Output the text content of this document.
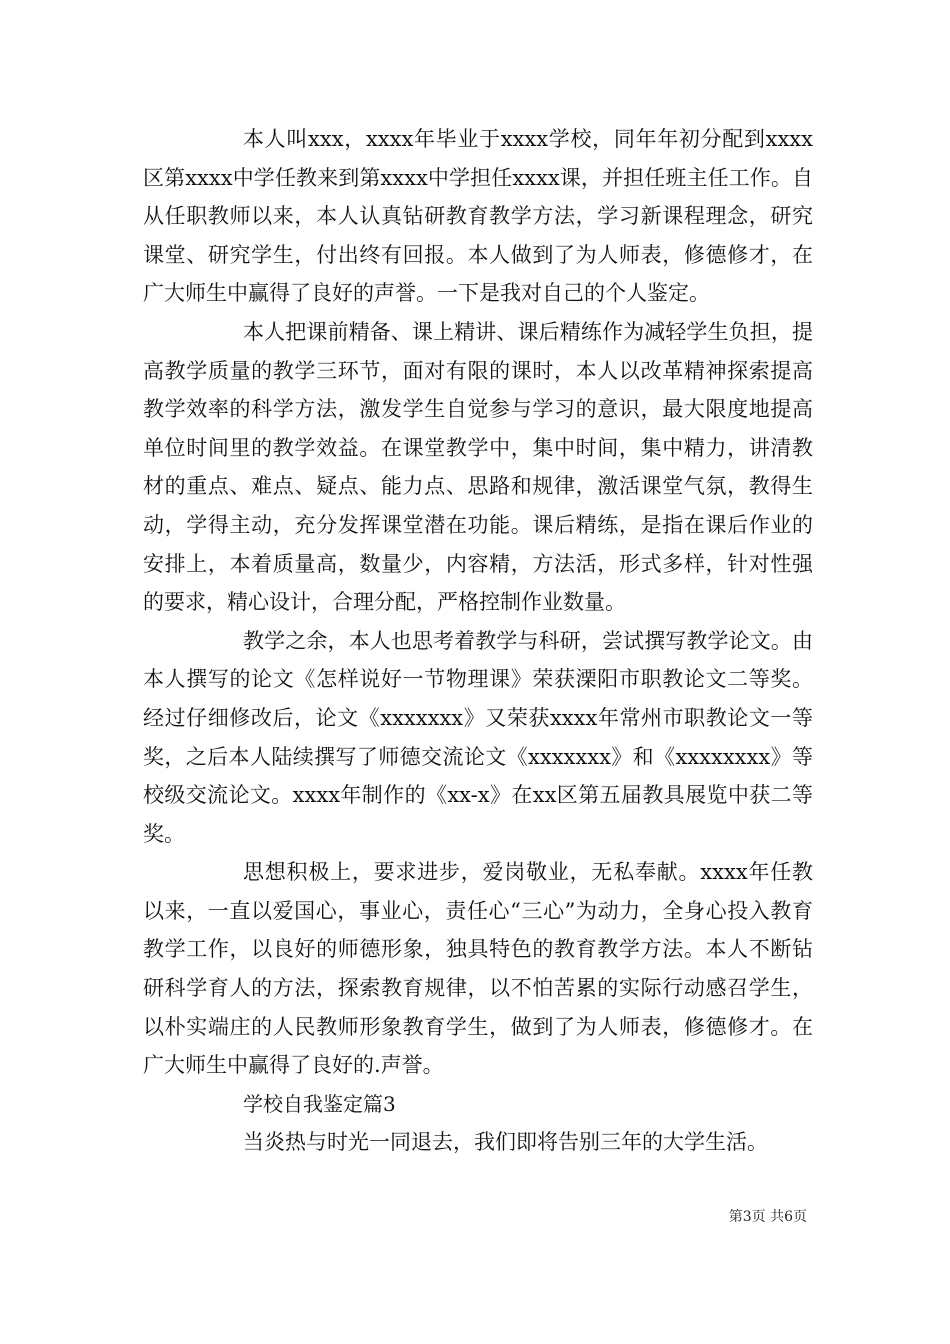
本人叫xxx，xxxx年毕业于xxxx学校，同年年初分配到xxxx区第xxxx中学任教来到第xxxx中学担任xxxx课，并担任班主任工作。自从任职教师以来，本人认真钻研教育教学方法，学习新课程理念，研究课堂、研究学生，付出终有回报。本人做到了为人师表，修德修才，在广大师生中赢得了良好的声誉。一下是我对自己的个人鉴定。

本人把课前精备、课上精讲、课后精练作为减轻学生负担，提高教学质量的教学三环节，面对有限的课时，本人以改革精神探索提高教学效率的科学方法，激发学生自觉参与学习的意识，最大限度地提高单位时间里的教学效益。在课堂教学中，集中时间，集中精力，讲清教材的重点、难点、疑点、能力点、思路和规律，激活课堂气氛，教得生动，学得主动，充分发挥课堂潜在功能。课后精练，是指在课后作业的安排上，本着质量高，数量少，内容精，方法活，形式多样，针对性强的要求，精心设计，合理分配，严格控制作业数量。

教学之余，本人也思考着教学与科研，尝试撰写教学论文。由本人撰写的论文《怎样说好一节物理课》荣获溧阳市职教论文二等奖。经过仔细修改后，论文《xxxxxxx》又荣获xxxx年常州市职教论文一等奖，之后本人陆续撰写了师德交流论文《xxxxxxx》和《xxxxxxxx》等校级交流论文。xxxx年制作的《xx-x》在xx区第五届教具展览中获二等奖。

思想积极上，要求进步，爱岗敬业，无私奉献。xxxx年任教以来，一直以爱国心，事业心，责任心“三心”为动力，全身心投入教育教学工作，以良好的师德形象，独具特色的教育教学方法。本人不断钻研科学育人的方法，探索教育规律，以不怕苦累的实际行动感召学生，以朴实端庄的人民教师形象教育学生，做到了为人师表，修德修才。在广大师生中赢得了良好的.声誉。

学校自我鉴定篇3

当炎热与时光一同退去，我们即将告别三年的大学生活。

第3页 共6页
